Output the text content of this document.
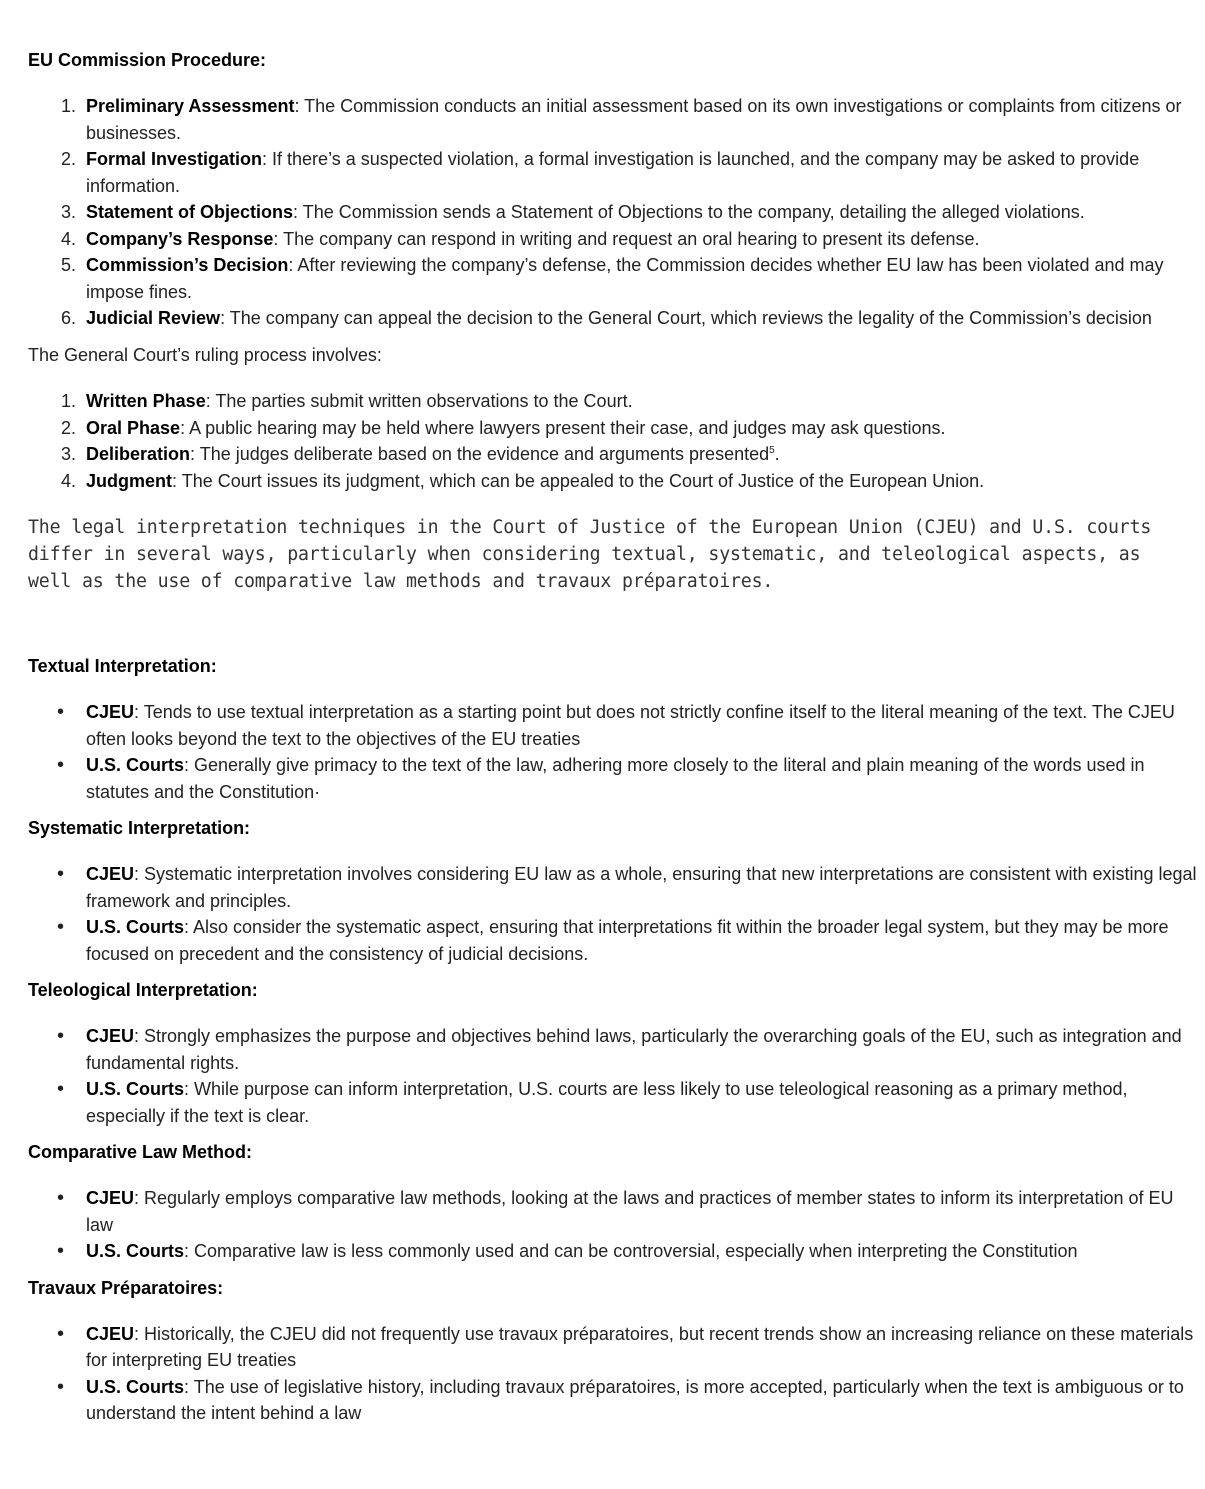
EU Commission Procedure:
Preliminary Assessment: The Commission conducts an initial assessment based on its own investigations or complaints from citizens or businesses.
Formal Investigation: If there’s a suspected violation, a formal investigation is launched, and the company may be asked to provide information.
Statement of Objections: The Commission sends a Statement of Objections to the company, detailing the alleged violations.
Company’s Response: The company can respond in writing and request an oral hearing to present its defense.
Commission’s Decision: After reviewing the company’s defense, the Commission decides whether EU law has been violated and may impose fines.
Judicial Review: The company can appeal the decision to the General Court, which reviews the legality of the Commission’s decision
The General Court’s ruling process involves:
Written Phase: The parties submit written observations to the Court.
Oral Phase: A public hearing may be held where lawyers present their case, and judges may ask questions.
Deliberation: The judges deliberate based on the evidence and arguments presented$^5$.
Judgment: The Court issues its judgment, which can be appealed to the Court of Justice of the European Union.
The legal interpretation techniques in the Court of Justice of the European Union (CJEU) and U.S. courts differ in several ways, particularly when considering textual, systematic, and teleological aspects, as well as the use of comparative law methods and travaux préparatoires.
Textual Interpretation:
• CJEU: Tends to use textual interpretation as a starting point but does not strictly confine itself to the literal meaning of the text. The CJEU often looks beyond the text to the objectives of the EU treaties
• U.S. Courts: Generally give primacy to the text of the law, adhering more closely to the literal and plain meaning of the words used in statutes and the Constitution·
Systematic Interpretation:
• CJEU: Systematic interpretation involves considering EU law as a whole, ensuring that new interpretations are consistent with existing legal framework and principles.
• U.S. Courts: Also consider the systematic aspect, ensuring that interpretations fit within the broader legal system, but they may be more focused on precedent and the consistency of judicial decisions.
Teleological Interpretation:
• CJEU: Strongly emphasizes the purpose and objectives behind laws, particularly the overarching goals of the EU, such as integration and fundamental rights.
• U.S. Courts: While purpose can inform interpretation, U.S. courts are less likely to use teleological reasoning as a primary method, especially if the text is clear.
Comparative Law Method:
• CJEU: Regularly employs comparative law methods, looking at the laws and practices of member states to inform its interpretation of EU law
• U.S. Courts: Comparative law is less commonly used and can be controversial, especially when interpreting the Constitution
Travaux Préparatoires:
• CJEU: Historically, the CJEU did not frequently use travaux préparatoires, but recent trends show an increasing reliance on these materials for interpreting EU treaties
• U.S. Courts: The use of legislative history, including travaux préparatoires, is more accepted, particularly when the text is ambiguous or to understand the intent behind a law
